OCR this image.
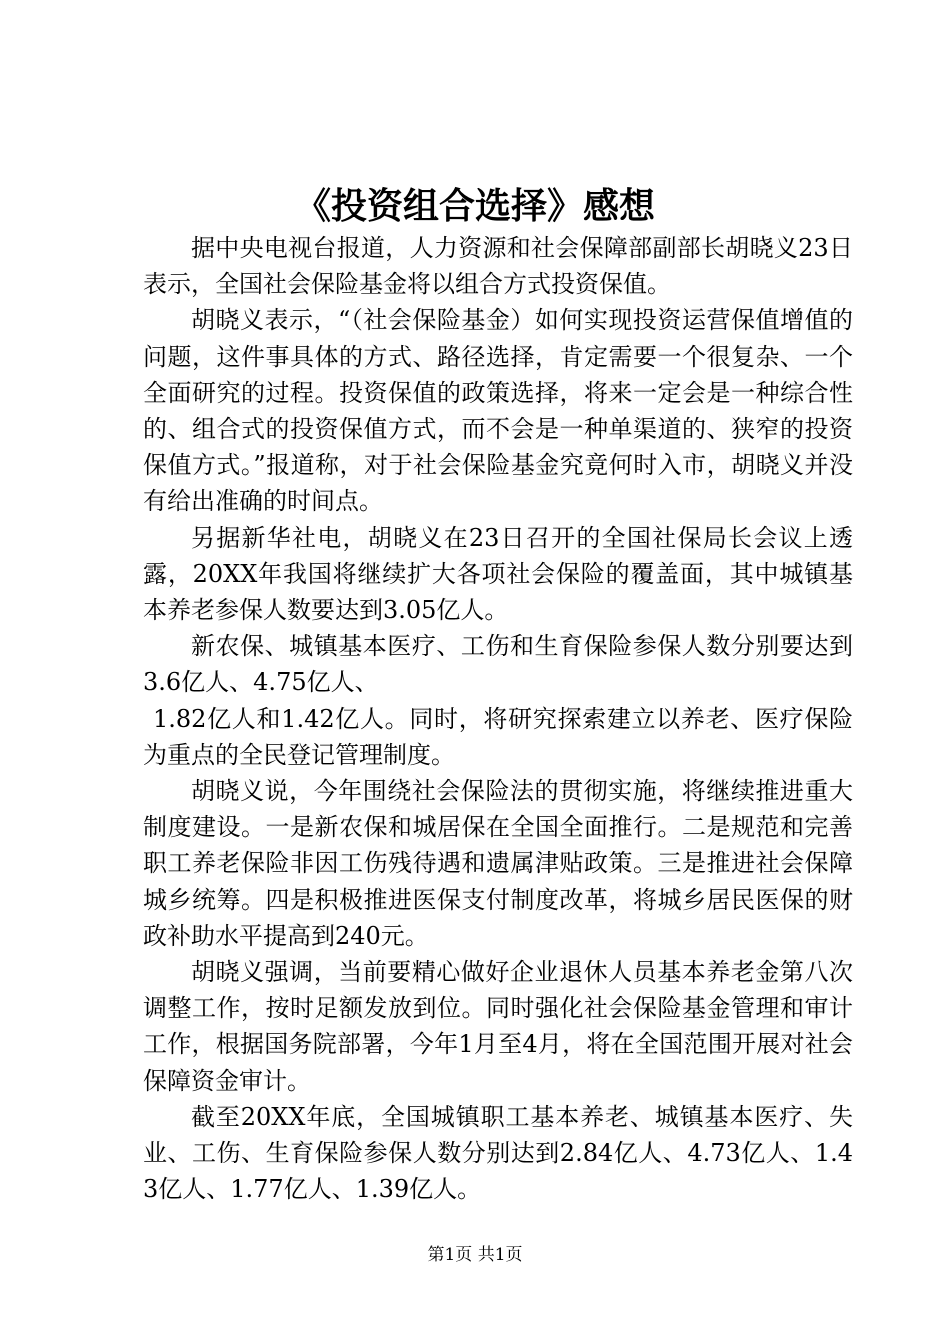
《投资组合选择》感想

据中央电视台报道，人力资源和社会保障部副部长胡晓义23日表示，全国社会保险基金将以组合方式投资保值。

胡晓义表示，“（社会保险基金）如何实现投资运营保值增值的问题，这件事具体的方式、路径选择，肯定需要一个很复杂、一个全面研究的过程。投资保值的政策选择，将来一定会是一种综合性的、组合式的投资保值方式，而不会是一种单渠道的、狭窄的投资保值方式。”报道称，对于社会保险基金究竟何时入市，胡晓义并没有给出准确的时间点。

另据新华社电，胡晓义在23日召开的全国社保局长会议上透露，20XX年我国将继续扩大各项社会保险的覆盖面，其中城镇基本养老参保人数要达到3.05亿人。

新农保、城镇基本医疗、工伤和生育保险参保人数分别要达到3.6亿人、4.75亿人、

1.82亿人和1.42亿人。同时，将研究探索建立以养老、医疗保险为重点的全民登记管理制度。

胡晓义说，今年围绕社会保险法的贯彻实施，将继续推进重大制度建设。一是新农保和城居保在全国全面推行。二是规范和完善职工养老保险非因工伤残待遇和遗属津贴政策。三是推进社会保障城乡统筹。四是积极推进医保支付制度改革，将城乡居民医保的财政补助水平提高到240元。

胡晓义强调，当前要精心做好企业退休人员基本养老金第八次调整工作，按时足额发放到位。同时强化社会保险基金管理和审计工作，根据国务院部署，今年1月至4月，将在全国范围开展对社会保障资金审计。

截至20XX年底，全国城镇职工基本养老、城镇基本医疗、失业、工伤、生育保险参保人数分别达到2.84亿人、4.73亿人、1.43亿人、1.77亿人、1.39亿人。

第1页 共1页
